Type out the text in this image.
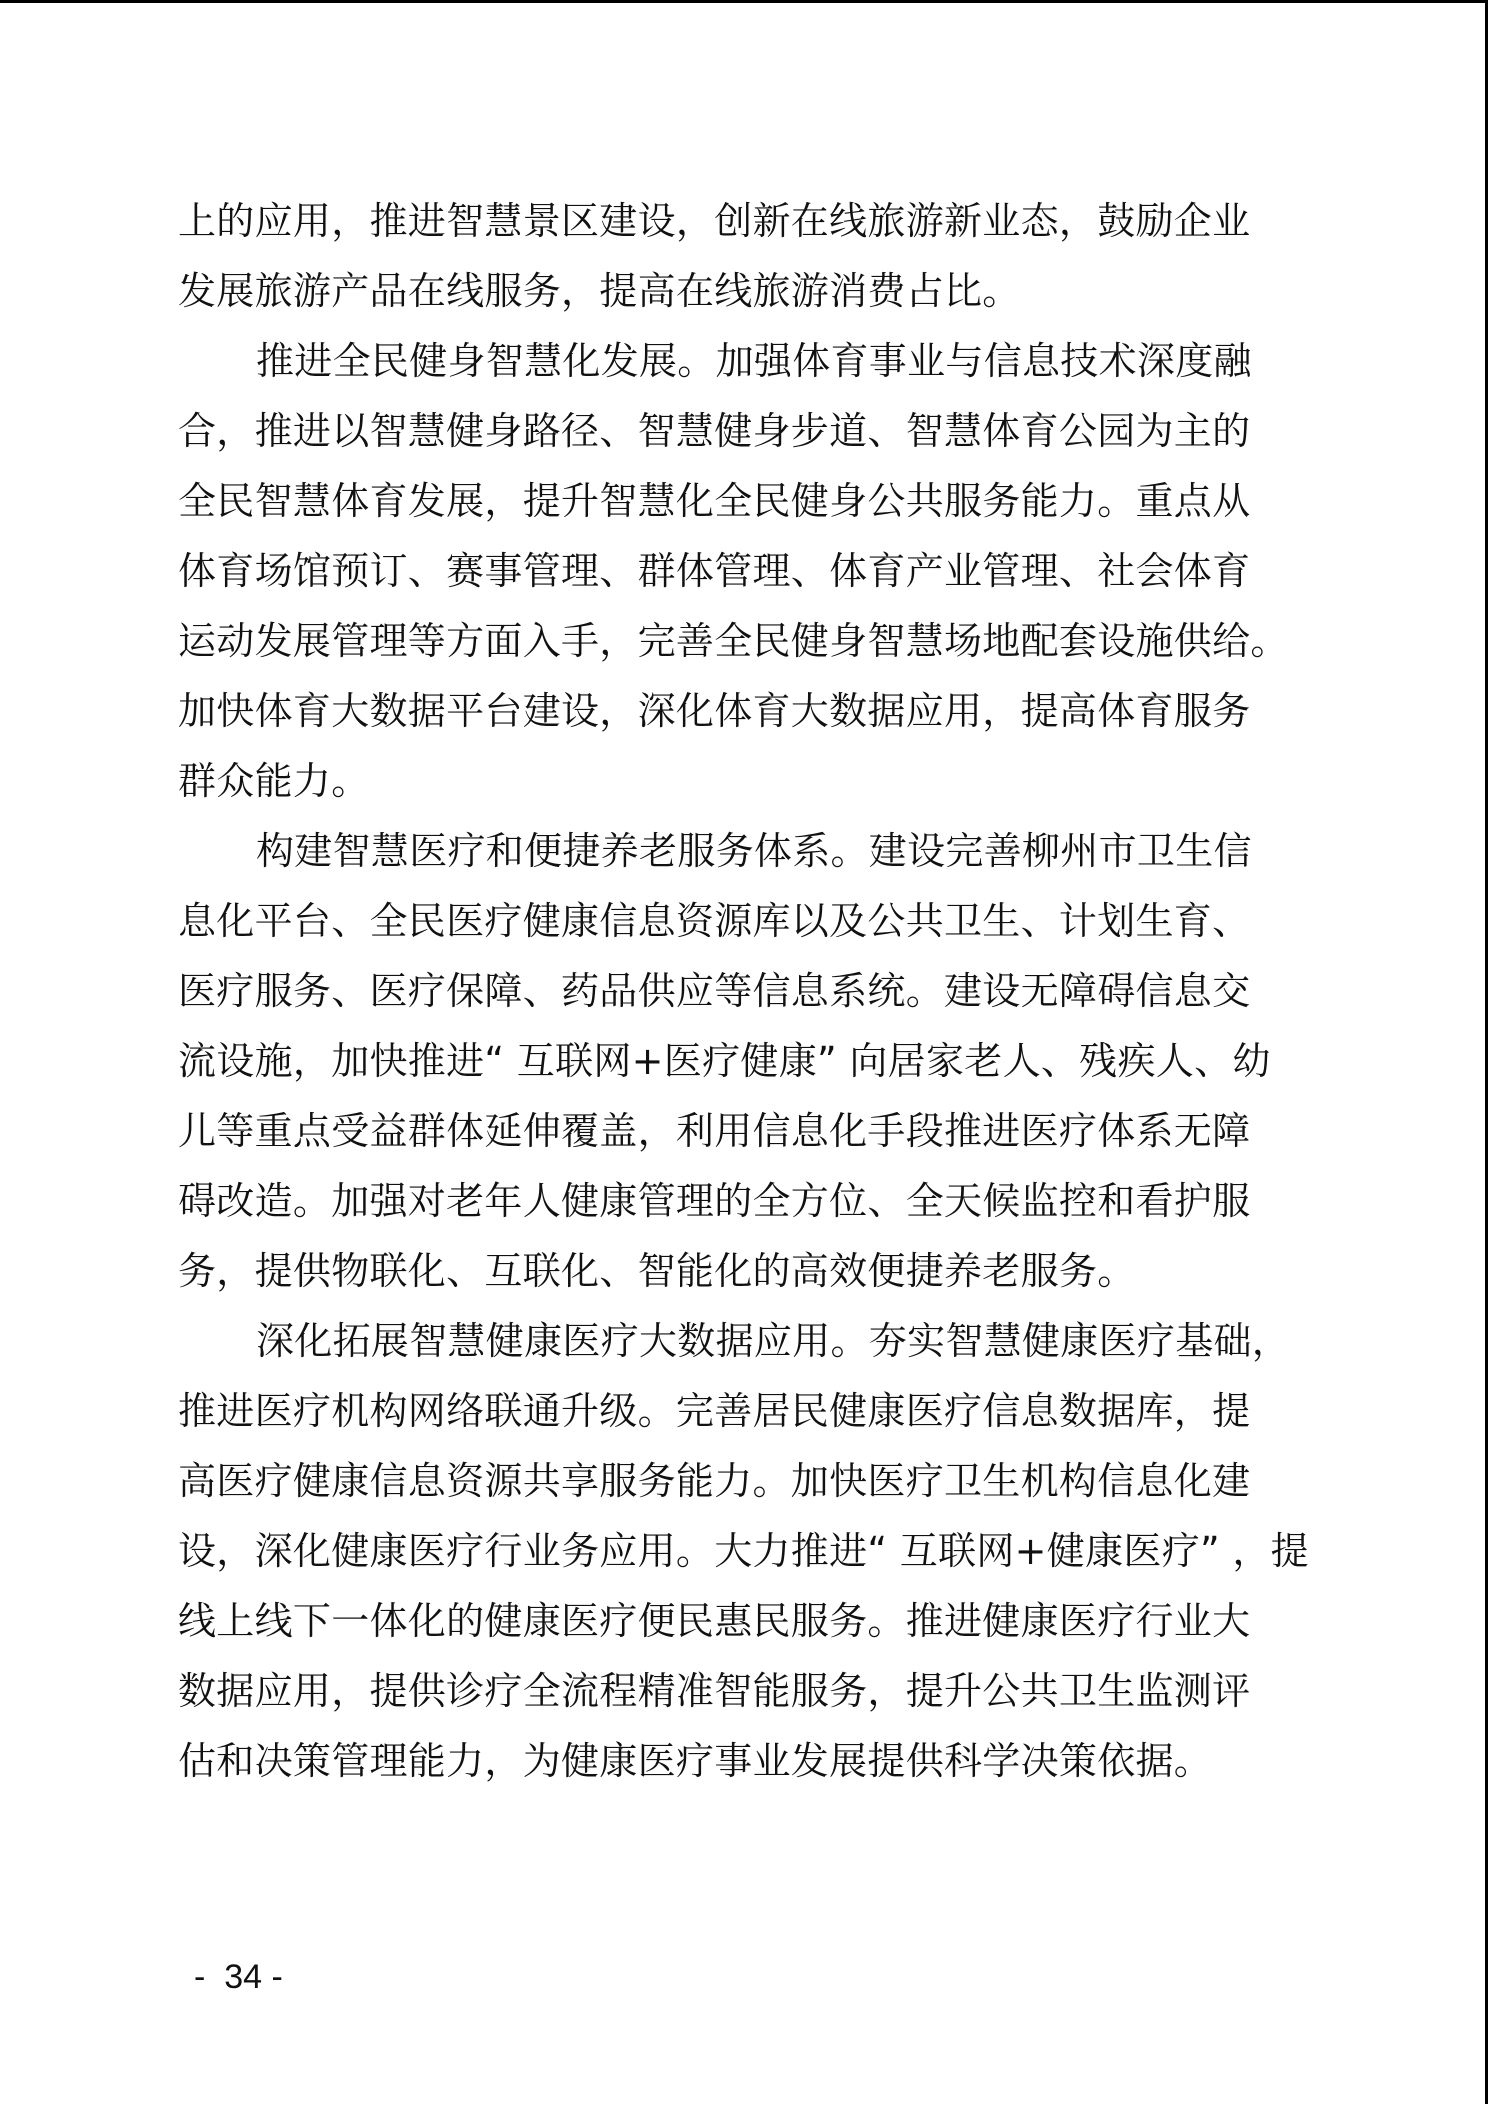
上的应用，推进智慧景区建设，创新在线旅游新业态，鼓励企业
发展旅游产品在线服务，提高在线旅游消费占比。
推进全民健身智慧化发展。加强体育事业与信息技术深度融
合，推进以智慧健身路径、智慧健身步道、智慧体育公园为主的
全民智慧体育发展，提升智慧化全民健身公共服务能力。重点从
体育场馆预订、赛事管理、群体管理、体育产业管理、社会体育
运动发展管理等方面入手，完善全民健身智慧场地配套设施供给。
加快体育大数据平台建设，深化体育大数据应用，提高体育服务
群众能力。
构建智慧医疗和便捷养老服务体系。建设完善柳州市卫生信
息化平台、全民医疗健康信息资源库以及公共卫生、计划生育、
医疗服务、医疗保障、药品供应等信息系统。建设无障碍信息交
流设施，加快推进“ 互联网+医疗健康” 向居家老人、残疾人、幼
儿等重点受益群体延伸覆盖，利用信息化手段推进医疗体系无障
碍改造。加强对老年人健康管理的全方位、全天候监控和看护服
务，提供物联化、互联化、智能化的高效便捷养老服务。
深化拓展智慧健康医疗大数据应用。夯实智慧健康医疗基础，
推进医疗机构网络联通升级。完善居民健康医疗信息数据库，提
高医疗健康信息资源共享服务能力。加快医疗卫生机构信息化建
设，深化健康医疗行业务应用。大力推进“ 互联网+健康医疗” ，提
线上线下一体化的健康医疗便民惠民服务。推进健康医疗行业大
数据应用，提供诊疗全流程精准智能服务，提升公共卫生监测评
估和决策管理能力，为健康医疗事业发展提供科学决策依据。
-  34 -
